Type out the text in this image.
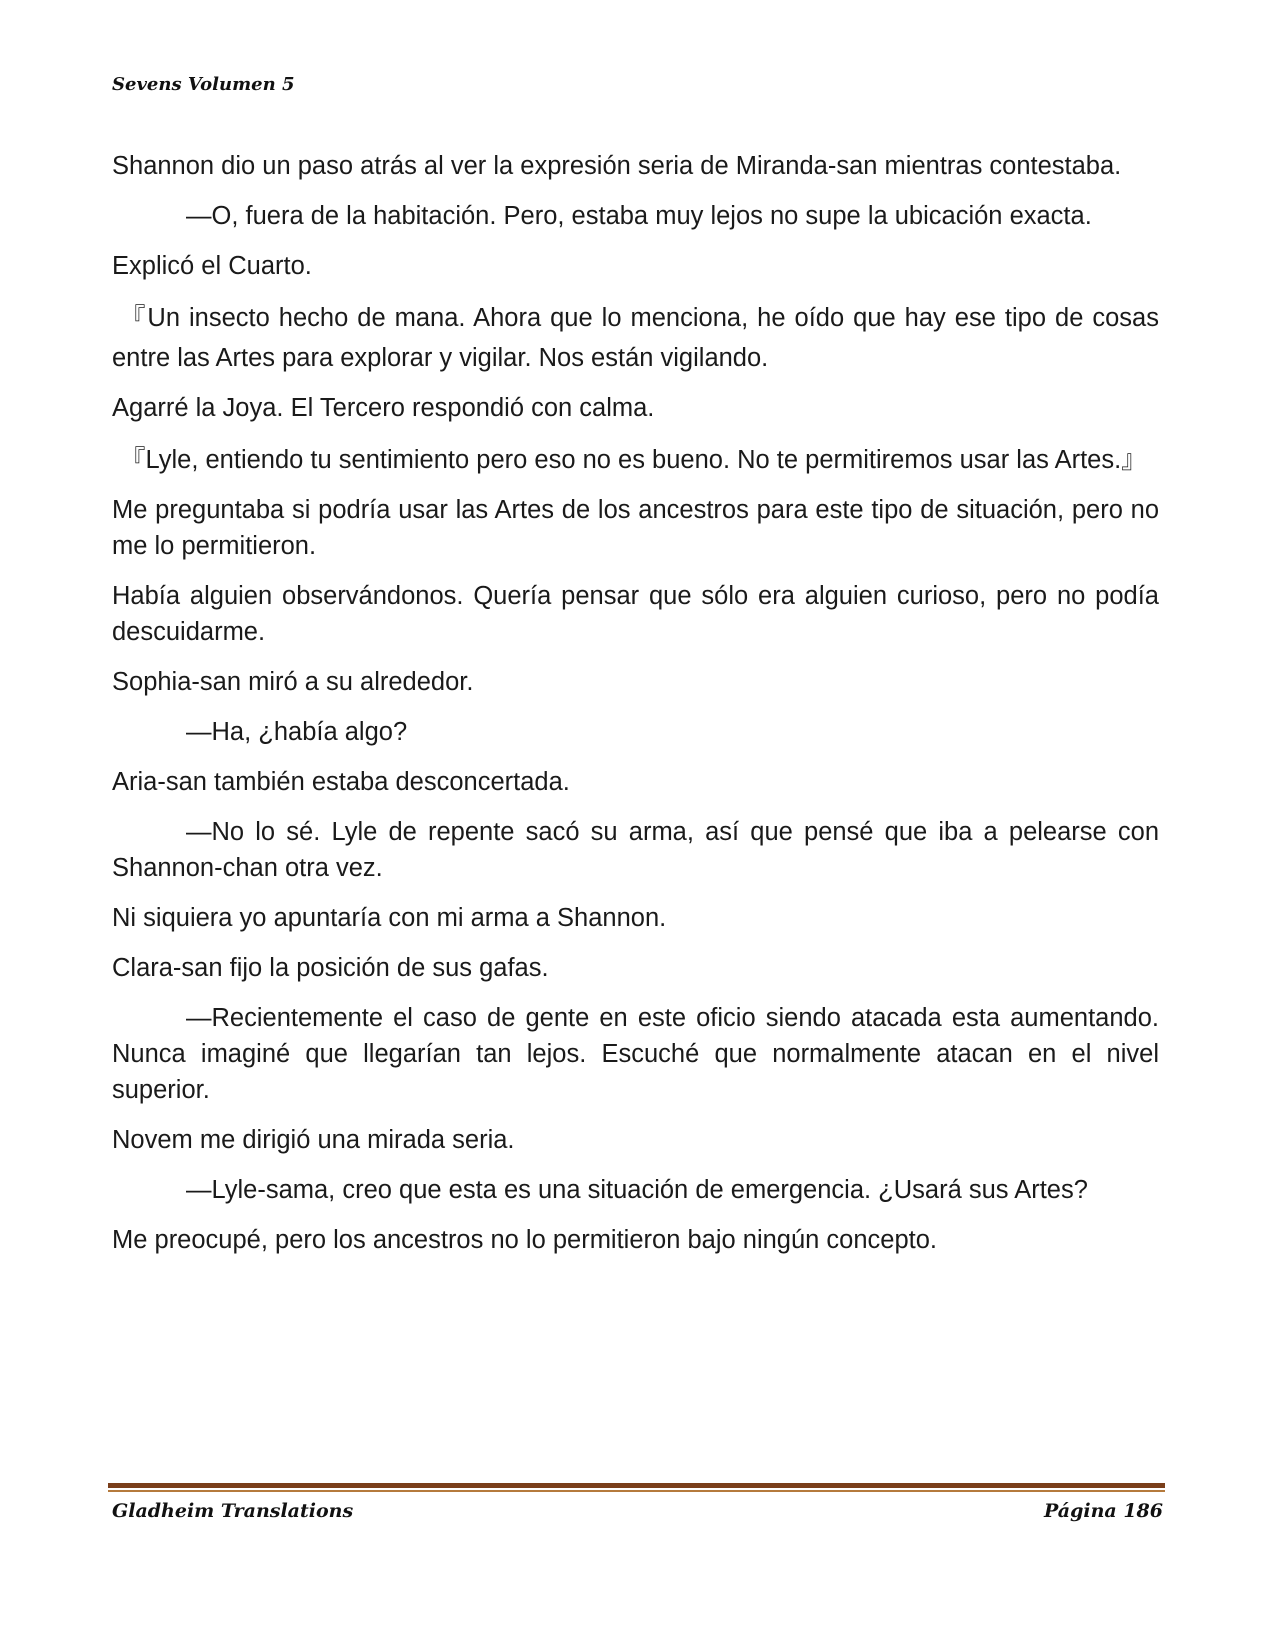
Sevens Volumen 5

Shannon dio un paso atrás al ver la expresión seria de Miranda-san mientras contestaba.

—O, fuera de la habitación. Pero, estaba muy lejos no supe la ubicación exacta.

Explicó el Cuarto.

『Un insecto hecho de mana. Ahora que lo menciona, he oído que hay ese tipo de cosas entre las Artes para explorar y vigilar. Nos están vigilando.

Agarré la Joya. El Tercero respondió con calma.

『Lyle, entiendo tu sentimiento pero eso no es bueno. No te permitiremos usar las Artes.』

Me preguntaba si podría usar las Artes de los ancestros para este tipo de situación, pero no me lo permitieron.

Había alguien observándonos. Quería pensar que sólo era alguien curioso, pero no podía descuidarme.

Sophia-san miró a su alrededor.

—Ha, ¿había algo?

Aria-san también estaba desconcertada.

—No lo sé. Lyle de repente sacó su arma, así que pensé que iba a pelearse con Shannon-chan otra vez.

Ni siquiera yo apuntaría con mi arma a Shannon.

Clara-san fijo la posición de sus gafas.

—Recientemente el caso de gente en este oficio siendo atacada esta aumentando. Nunca imaginé que llegarían tan lejos. Escuché que normalmente atacan en el nivel superior.

Novem me dirigió una mirada seria.

—Lyle-sama, creo que esta es una situación de emergencia. ¿Usará sus Artes?

Me preocupé, pero los ancestros no lo permitieron bajo ningún concepto.

Gladheim Translations	Página 186
